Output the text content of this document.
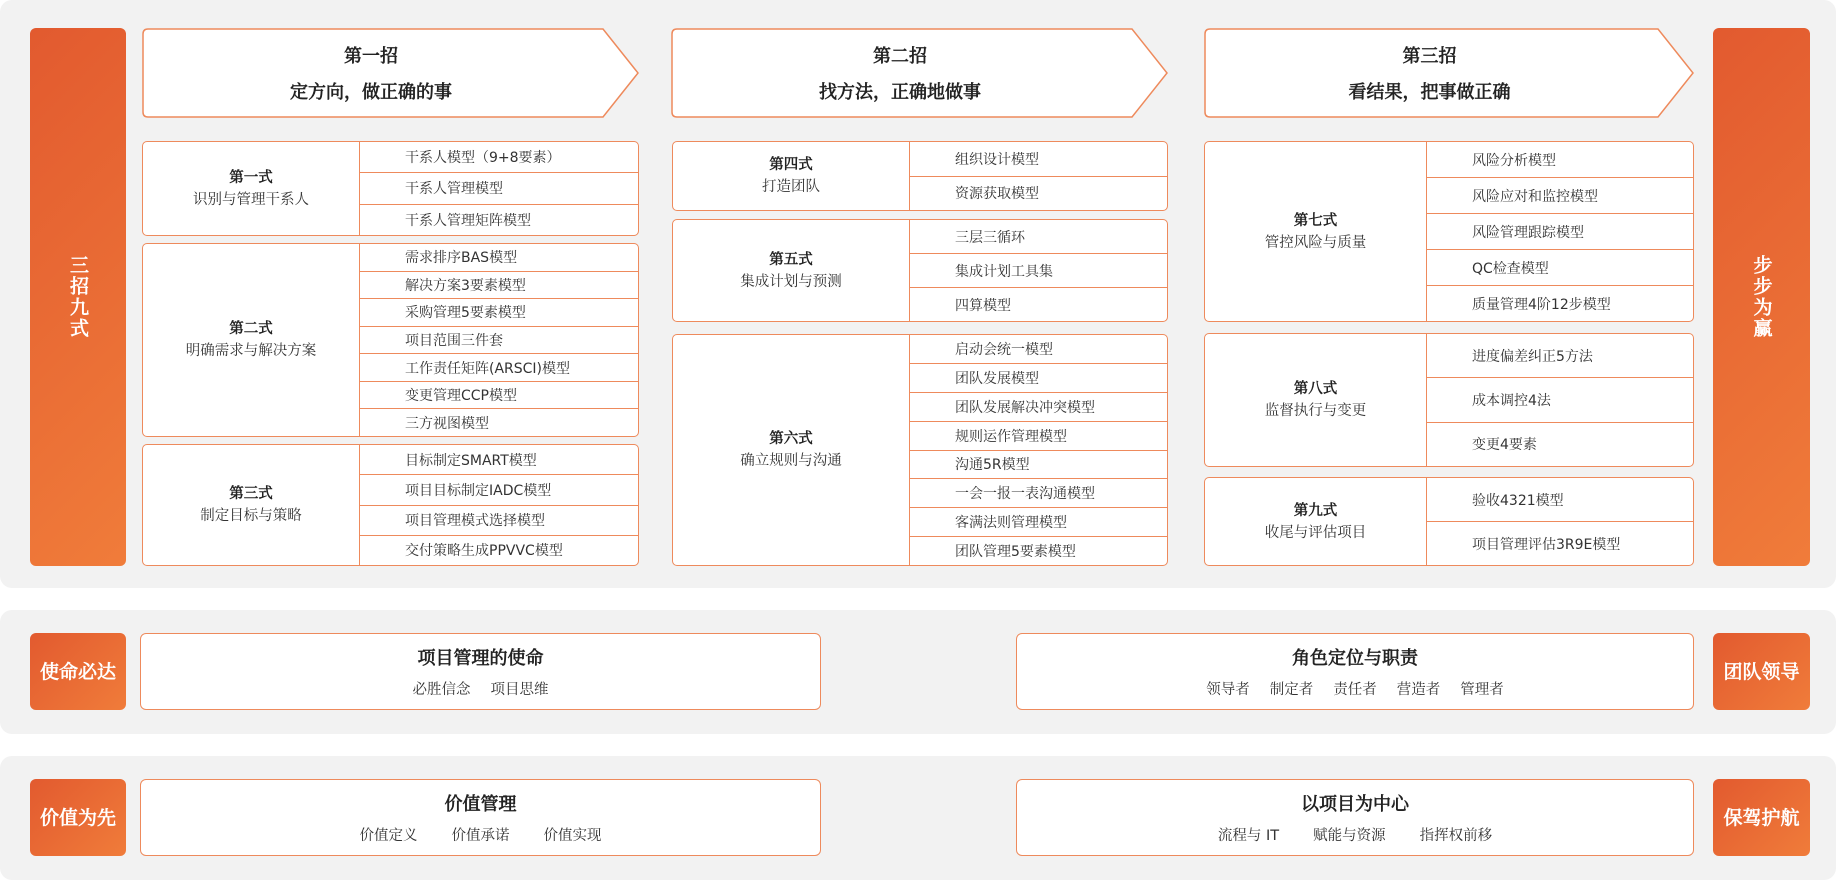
三招九式	步步为赢
第一招
定方向，做正确的事
第二招
找方法，正确地做事
第三招
看结果，把事做正确
第一式
识别与管理干系人
干系人模型（9+8要素）
干系人管理模型
干系人管理矩阵模型
第二式
明确需求与解决方案
需求排序BAS模型
解决方案3要素模型
采购管理5要素模型
项目范围三件套
工作责任矩阵(ARSCI)模型
变更管理CCP模型
三方视图模型
第三式
制定目标与策略
目标制定SMART模型
项目目标制定IADC模型
项目管理模式选择模型
交付策略生成PPVVC模型
第四式
打造团队
组织设计模型
资源获取模型
第五式
集成计划与预测
三层三循环
集成计划工具集
四算模型
第六式
确立规则与沟通
启动会统一模型
团队发展模型
团队发展解决冲突模型
规则运作管理模型
沟通5R模型
一会一报一表沟通模型
客满法则管理模型
团队管理5要素模型
第七式
管控风险与质量
风险分析模型
风险应对和监控模型
风险管理跟踪模型
QC检查模型
质量管理4阶12步模型
第八式
监督执行与变更
进度偏差纠正5方法
成本调控4法
变更4要素
第九式
收尾与评估项目
验收4321模型
项目管理评估3R9E模型
使命必达
项目管理的使命
必胜信念 项目思维
角色定位与职责
领导者 制定者 责任者 营造者 管理者
团队领导
价值为先
价值管理
价值定义 价值承诺 价值实现
以项目为中心
流程与 IT 赋能与资源 指挥权前移
保驾护航
